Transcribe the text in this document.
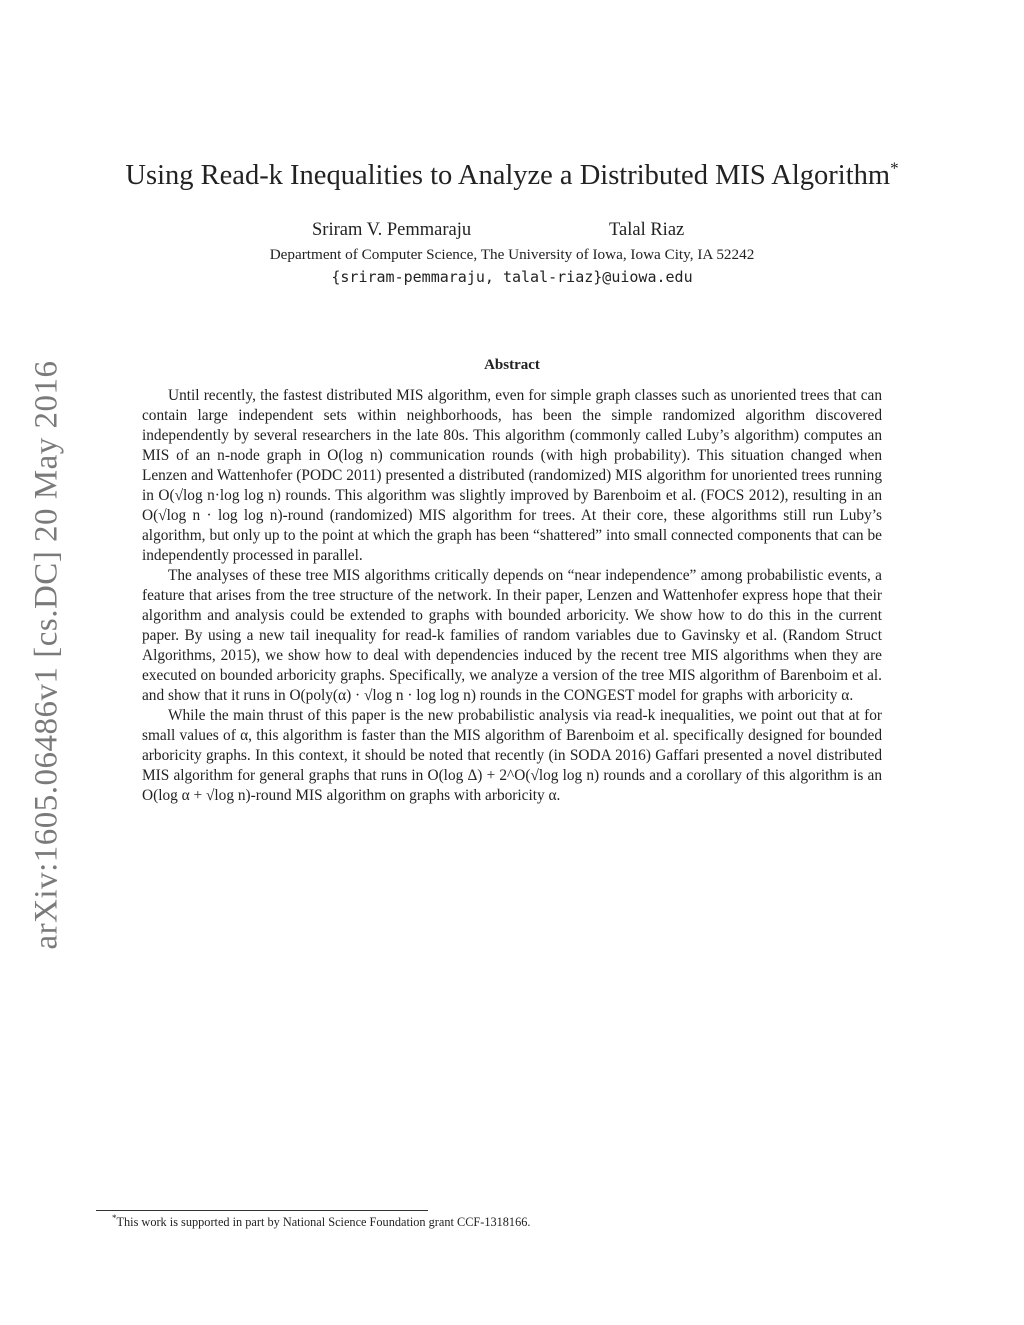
arXiv:1605.06486v1 [cs.DC] 20 May 2016
Using Read-k Inequalities to Analyze a Distributed MIS Algorithm*
Sriram V. Pemmaraju	Talal Riaz
Department of Computer Science, The University of Iowa, Iowa City, IA 52242
{sriram-pemmaraju, talal-riaz}@uiowa.edu
Abstract

Until recently, the fastest distributed MIS algorithm, even for simple graph classes such as unoriented trees that can contain large independent sets within neighborhoods, has been the simple randomized algorithm discovered independently by several researchers in the late 80s. This algorithm (commonly called Luby’s algorithm) computes an MIS of an n-node graph in O(log n) communication rounds (with high probability). This situation changed when Lenzen and Wattenhofer (PODC 2011) presented a distributed (randomized) MIS algorithm for unoriented trees running in O(√log n·log log n) rounds. This algorithm was slightly improved by Barenboim et al. (FOCS 2012), resulting in an O(√log n · log log n)-round (randomized) MIS algorithm for trees. At their core, these algorithms still run Luby’s algorithm, but only up to the point at which the graph has been “shattered” into small connected components that can be independently processed in parallel.

The analyses of these tree MIS algorithms critically depends on “near independence” among probabilistic events, a feature that arises from the tree structure of the network. In their paper, Lenzen and Wattenhofer express hope that their algorithm and analysis could be extended to graphs with bounded arboricity. We show how to do this in the current paper. By using a new tail inequality for read-k families of random variables due to Gavinsky et al. (Random Struct Algorithms, 2015), we show how to deal with dependencies induced by the recent tree MIS algorithms when they are executed on bounded arboricity graphs. Specifically, we analyze a version of the tree MIS algorithm of Barenboim et al. and show that it runs in O(poly(α) · √log n · log log n) rounds in the CONGEST model for graphs with arboricity α.

While the main thrust of this paper is the new probabilistic analysis via read-k inequalities, we point out that at for small values of α, this algorithm is faster than the MIS algorithm of Barenboim et al. specifically designed for bounded arboricity graphs. In this context, it should be noted that recently (in SODA 2016) Gaffari presented a novel distributed MIS algorithm for general graphs that runs in O(log Δ) + 2^O(√log log n) rounds and a corollary of this algorithm is an O(log α + √log n)-round MIS algorithm on graphs with arboricity α.

*This work is supported in part by National Science Foundation grant CCF-1318166.
